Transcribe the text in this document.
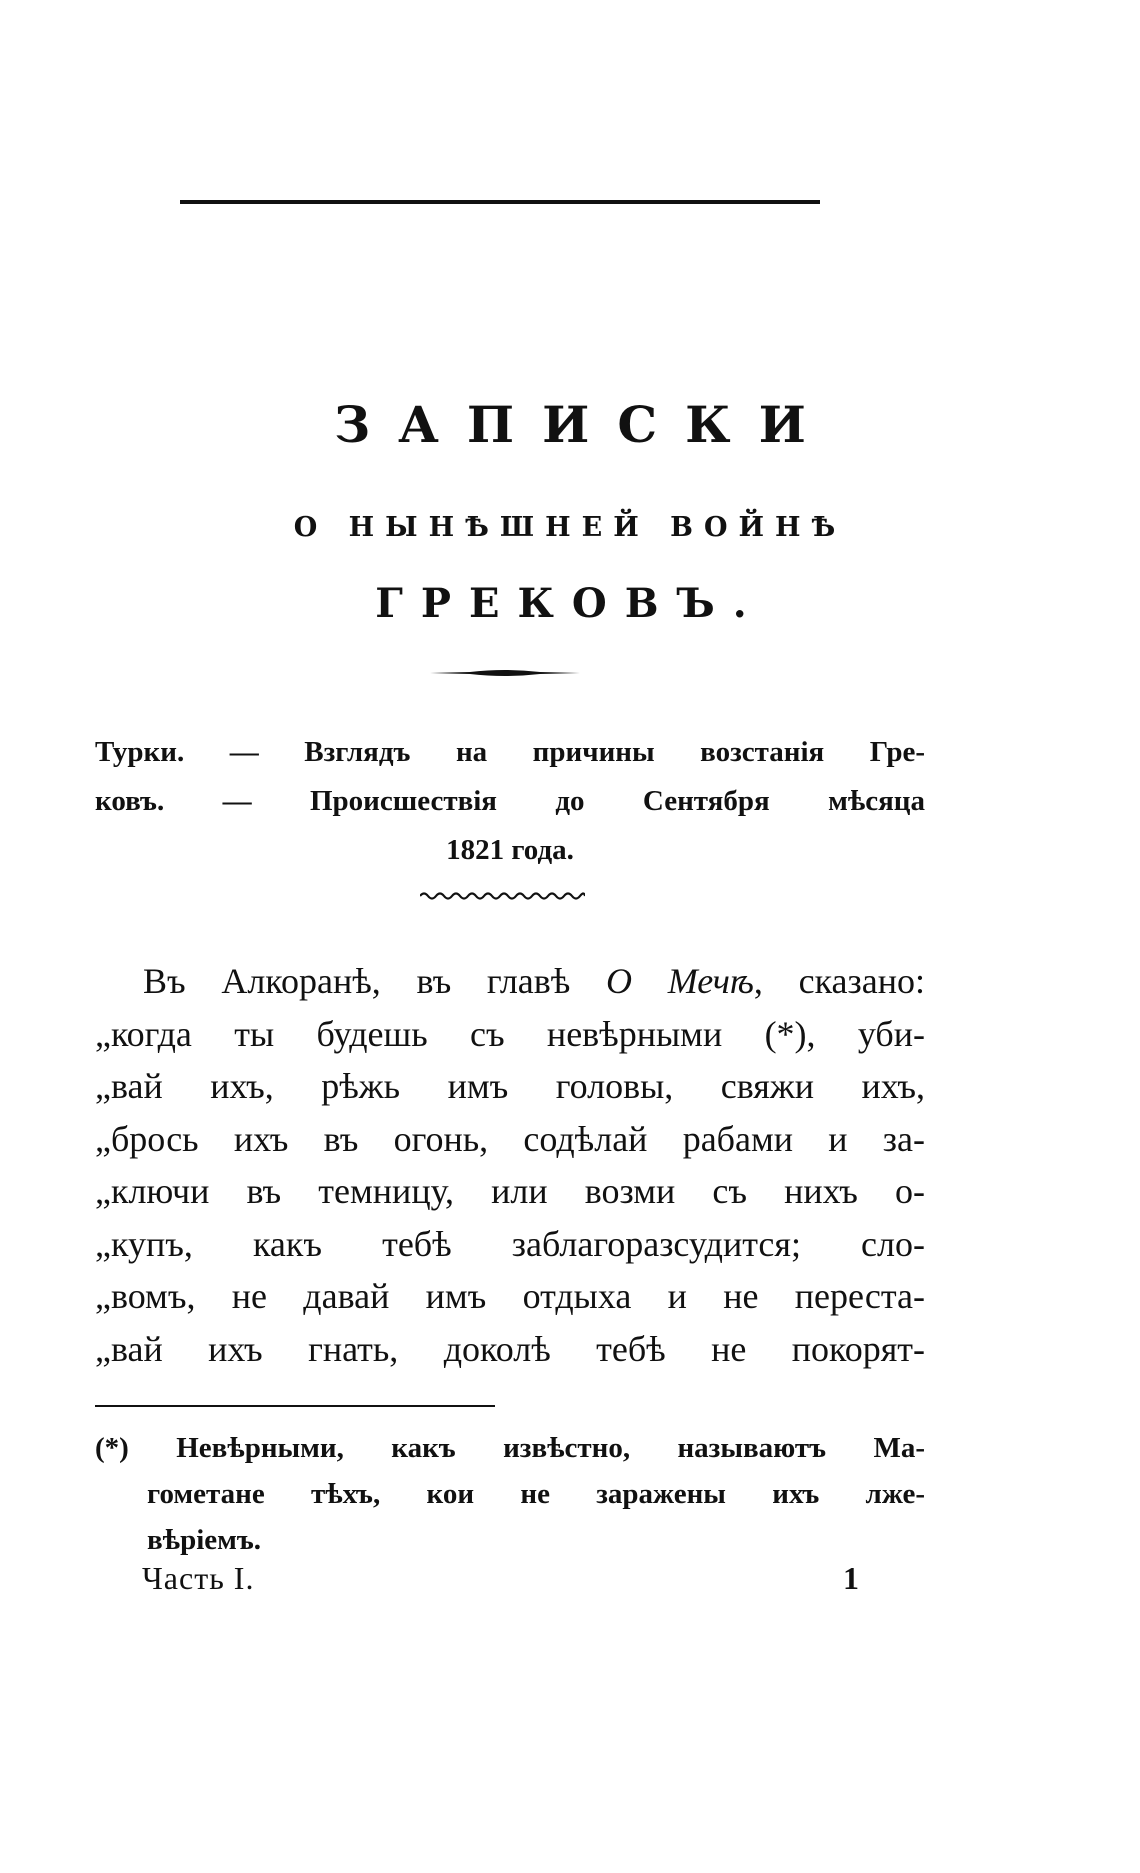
ЗАПИСКИ
О НЫНѢШНЕЙ ВОЙНѢ
ГРЕКОВЪ.
Турки. — Взглядъ на причины возстанія Гре-
ковъ. — Происшествія до Сентября мѣсяца
1821 года.
Въ Алкоранѣ, въ главѣ О Мечѣ, сказано:
„когда ты будешь съ невѣрными (*), уби-
„вай ихъ, рѣжь имъ головы, свяжи ихъ,
„брось ихъ въ огонь, содѣлай рабами и за-
„ключи въ темницу, или возми съ нихъ о-
„купъ, какъ тебѣ заблагоразсудится; сло-
„вомъ, не давай имъ отдыха и не переста-
„вай ихъ гнать, доколѣ тебѣ не покорят-
(*) Невѣрными, какъ извѣстно, называютъ Ма-
гометане тѣхъ, кои не заражены ихъ лже-
вѣріемъ.
Часть I.	1
